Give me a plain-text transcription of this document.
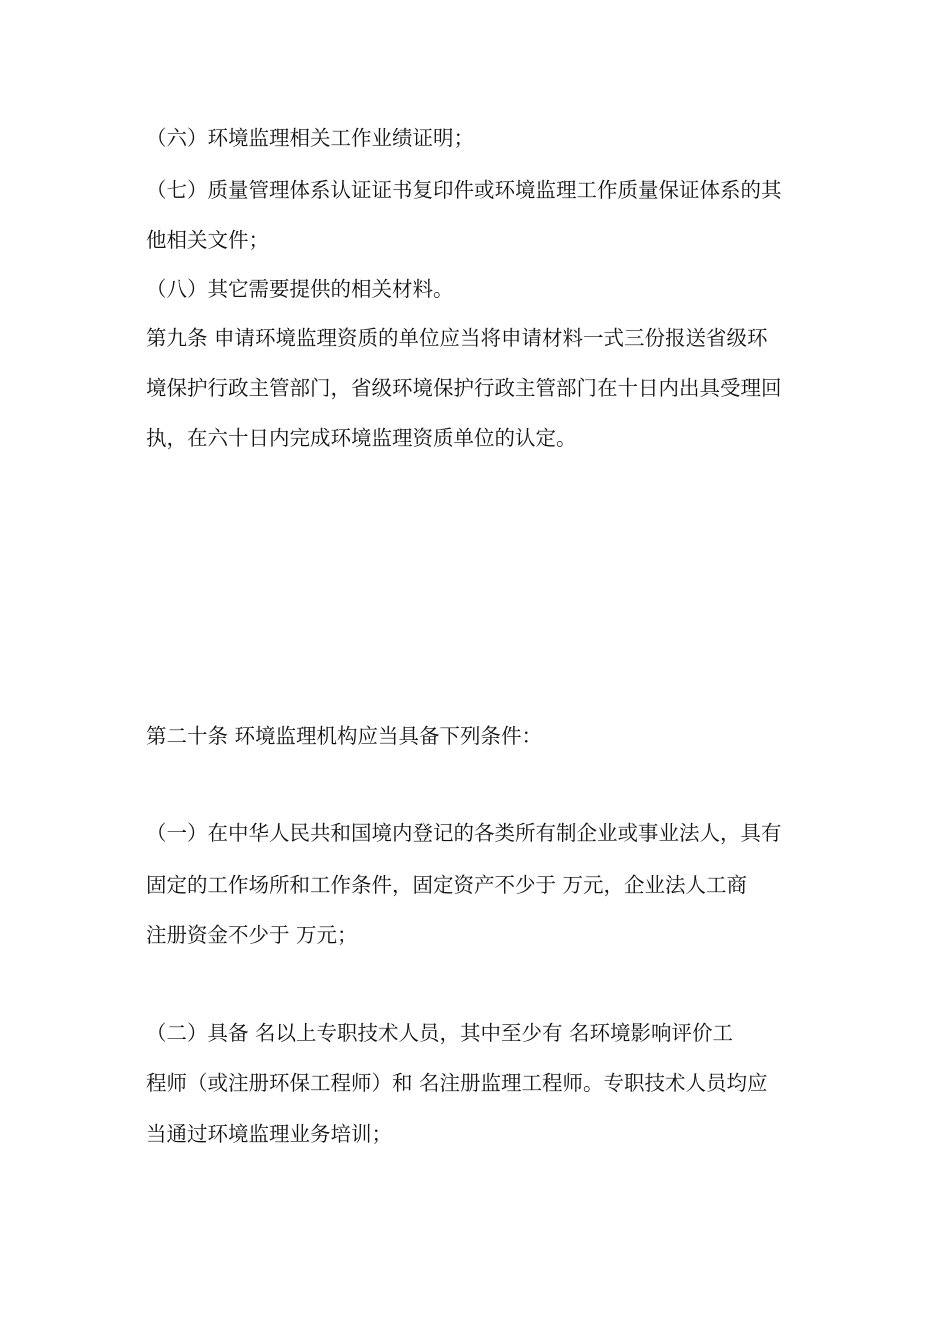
（六）环境监理相关工作业绩证明；
（七）质量管理体系认证证书复印件或环境监理工作质量保证体系的其
他相关文件；
（八）其它需要提供的相关材料。
第九条 申请环境监理资质的单位应当将申请材料一式三份报送省级环
境保护行政主管部门，省级环境保护行政主管部门在十日内出具受理回
执，在六十日内完成环境监理资质单位的认定。
第二十条 环境监理机构应当具备下列条件：
（一）在中华人民共和国境内登记的各类所有制企业或事业法人，具有
固定的工作场所和工作条件，固定资产不少于 万元，企业法人工商
注册资金不少于 万元；
（二）具备 名以上专职技术人员，其中至少有 名环境影响评价工
程师（或注册环保工程师）和 名注册监理工程师。专职技术人员均应
当通过环境监理业务培训；
